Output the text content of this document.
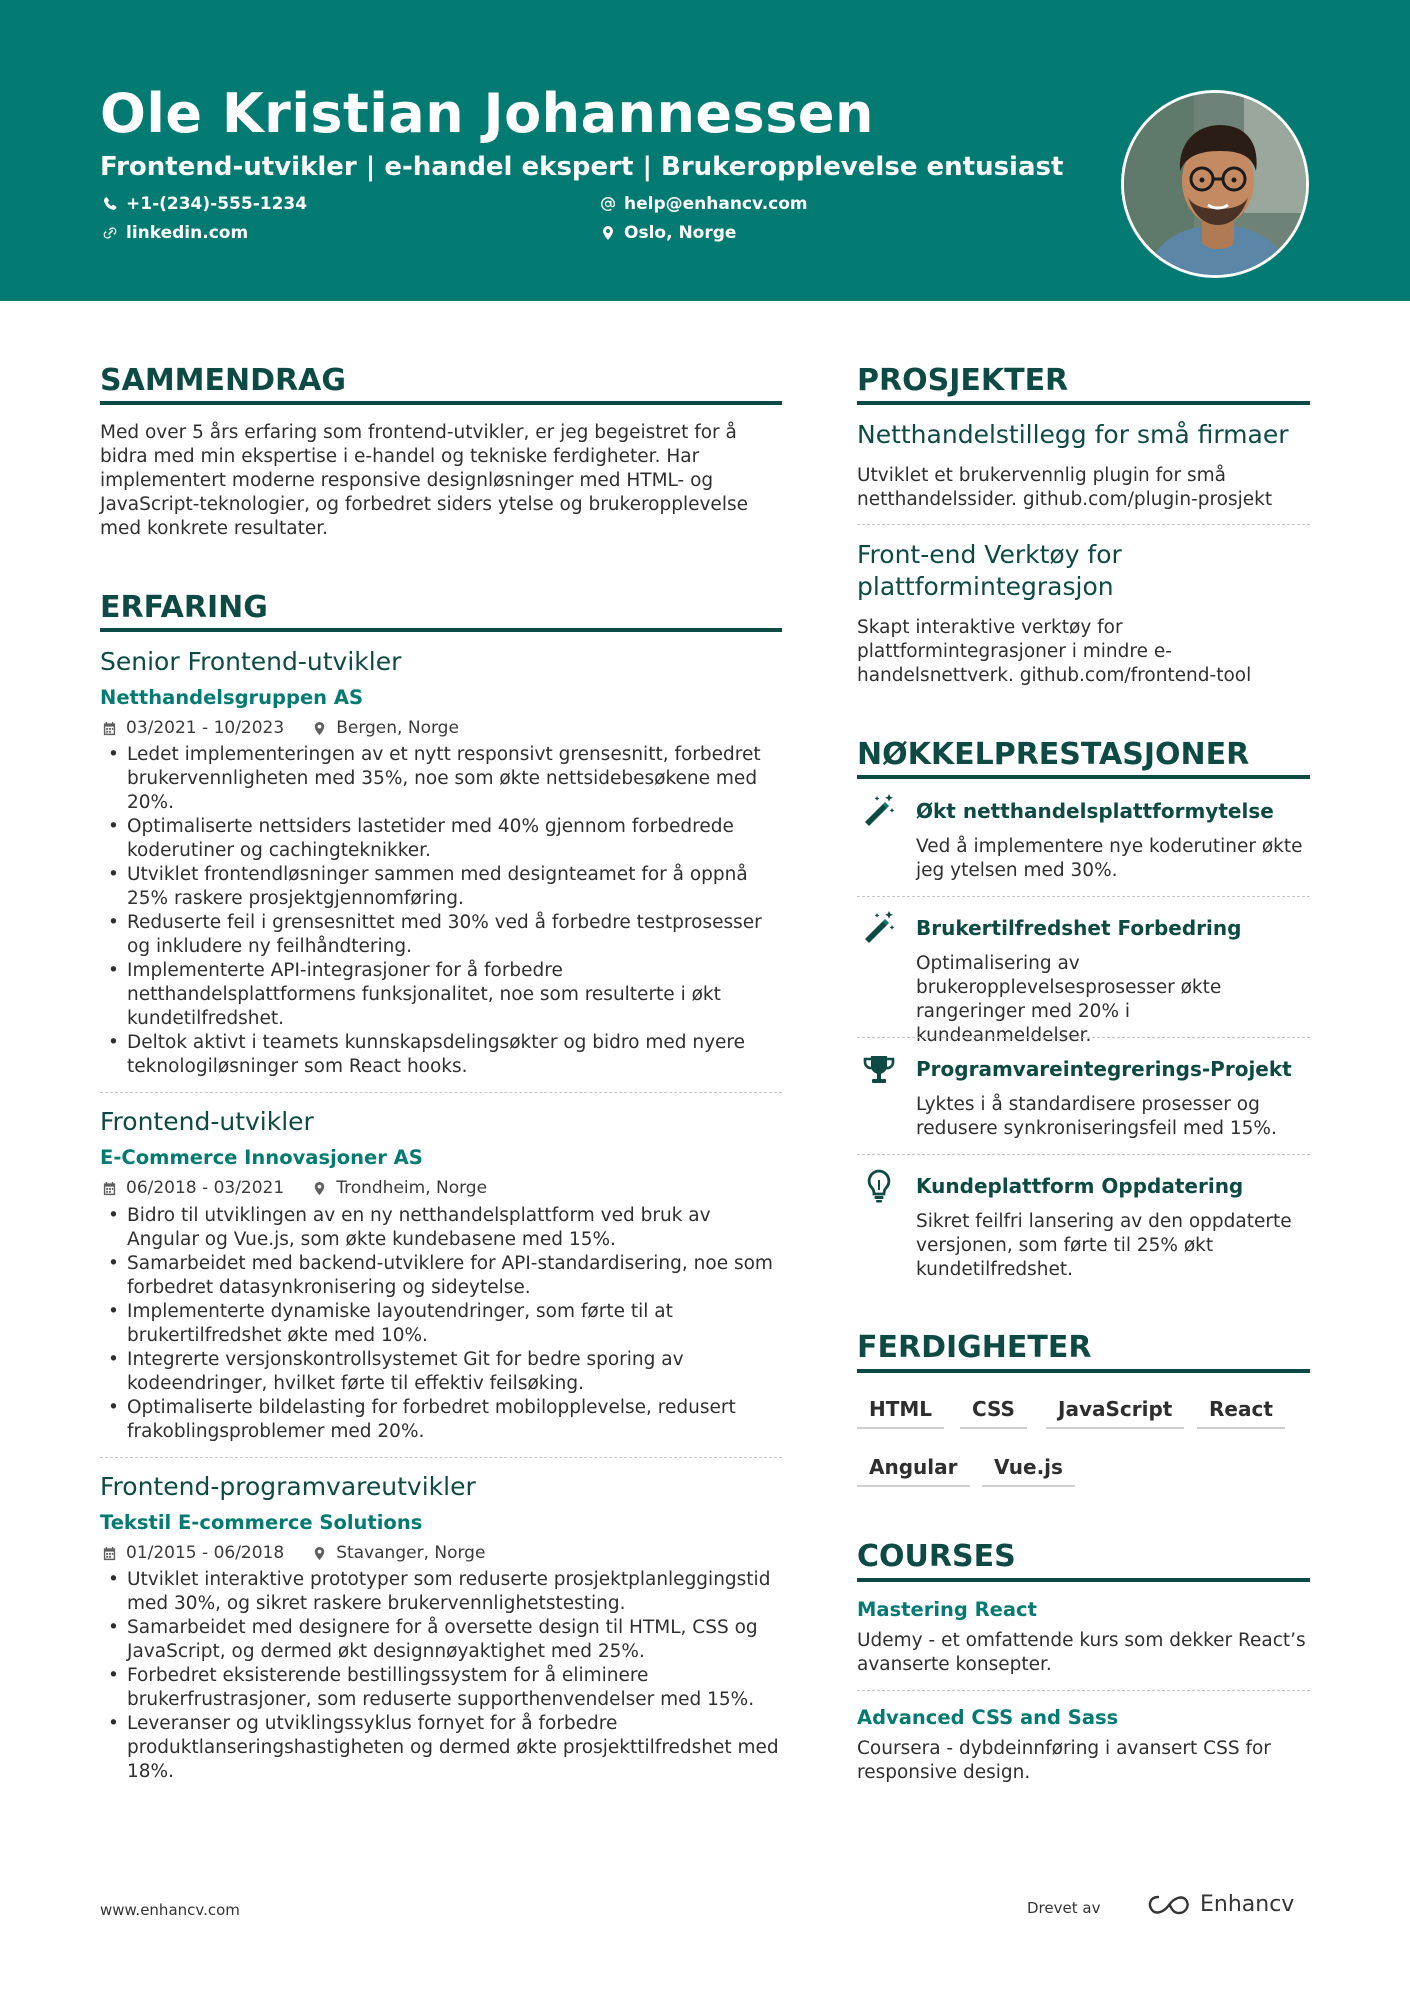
Ole Kristian Johannessen
Frontend-utvikler | e-handel ekspert | Brukeropplevelse entusiast
+1-(234)-555-1234	help@enhancv.com
linkedin.com	Oslo, Norge
SAMMENDRAG
Med over 5 års erfaring som frontend-utvikler, er jeg begeistret for å bidra med min ekspertise i e-handel og tekniske ferdigheter. Har implementert moderne responsive designløsninger med HTML- og JavaScript-teknologier, og forbedret siders ytelse og brukeropplevelse med konkrete resultater.
ERFARING
Senior Frontend-utvikler
Netthandelsgruppen AS
03/2021 - 10/2023	Bergen, Norge
• Ledet implementeringen av et nytt responsivt grensesnitt, forbedret brukervennligheten med 35%, noe som økte nettsidebesøkene med 20%.
• Optimaliserte nettsiders lastetider med 40% gjennom forbedrede koderutiner og cachingteknikker.
• Utviklet frontendløsninger sammen med designteamet for å oppnå 25% raskere prosjektgjennomføring.
• Reduserte feil i grensesnittet med 30% ved å forbedre testprosesser og inkludere ny feilhåndtering.
• Implementerte API-integrasjoner for å forbedre netthandelsplattformens funksjonalitet, noe som resulterte i økt kundetilfredshet.
• Deltok aktivt i teamets kunnskapsdelingsøkter og bidro med nyere teknologiløsninger som React hooks.
Frontend-utvikler
E-Commerce Innovasjoner AS
06/2018 - 03/2021	Trondheim, Norge
• Bidro til utviklingen av en ny netthandelsplattform ved bruk av Angular og Vue.js, som økte kundebasene med 15%.
• Samarbeidet med backend-utviklere for API-standardisering, noe som forbedret datasynkronisering og sideytelse.
• Implementerte dynamiske layoutendringer, som førte til at brukertilfredshet økte med 10%.
• Integrerte versjonskontrollsystemet Git for bedre sporing av kodeendringer, hvilket førte til effektiv feilsøking.
• Optimaliserte bildelasting for forbedret mobilopplevelse, redusert frakoblingsproblemer med 20%.
Frontend-programvareutvikler
Tekstil E-commerce Solutions
01/2015 - 06/2018	Stavanger, Norge
• Utviklet interaktive prototyper som reduserte prosjektplanleggingstid med 30%, og sikret raskere brukervennlighetstesting.
• Samarbeidet med designere for å oversette design til HTML, CSS og JavaScript, og dermed økt designnøyaktighet med 25%.
• Forbedret eksisterende bestillingssystem for å eliminere brukerfrustrasjoner, som reduserte supporthenvendelser med 15%.
• Leveranser og utviklingssyklus fornyet for å forbedre produktlanseringshastigheten og dermed økte prosjekttilfredshet med 18%.
PROSJEKTER
Netthandelstillegg for små firmaer
Utviklet et brukervennlig plugin for små netthandelssider. github.com/plugin-prosjekt
Front-end Verktøy for plattformintegrasjon
Skapt interaktive verktøy for plattformintegrasjoner i mindre e-handelsnettverk. github.com/frontend-tool
NØKKELPRESTASJONER
Økt netthandelsplattformytelse
Ved å implementere nye koderutiner økte jeg ytelsen med 30%.
Brukertilfredshet Forbedring
Optimalisering av brukeropplevelsesprosesser økte rangeringer med 20% i kundeanmeldelser.
Programvareintegrerings-Projekt
Lyktes i å standardisere prosesser og redusere synkroniseringsfeil med 15%.
Kundeplattform Oppdatering
Sikret feilfri lansering av den oppdaterte versjonen, som førte til 25% økt kundetilfredshet.
FERDIGHETER
HTML	CSS	JavaScript	React
Angular	Vue.js
COURSES
Mastering React
Udemy - et omfattende kurs som dekker React’s avanserte konsepter.
Advanced CSS and Sass
Coursera - dybdeinnføring i avansert CSS for responsive design.
www.enhancv.com	Drevet av	Enhancv
